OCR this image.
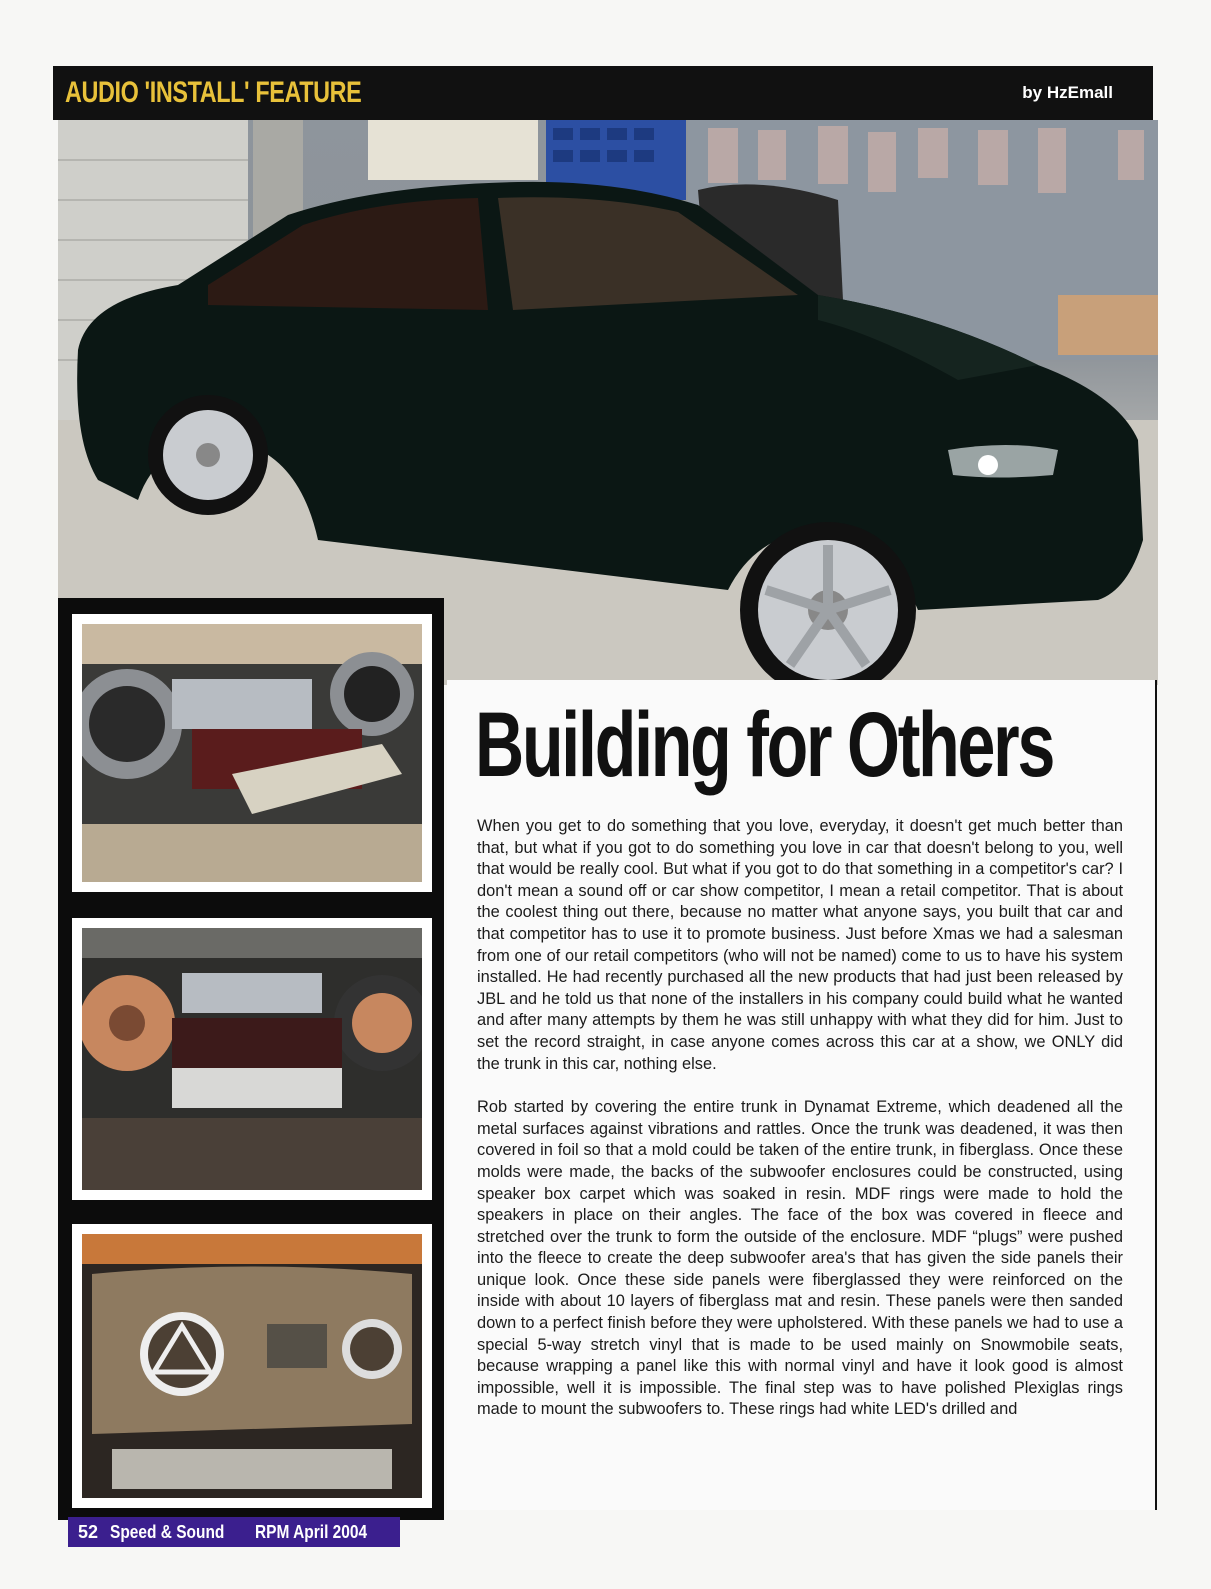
AUDIO 'INSTALL' FEATURE	by HzEmall
Building for Others

When you get to do something that you love, everyday, it doesn't get much better than that, but what if you got to do something you love in car that doesn't belong to you, well that would be really cool. But what if you got to do that something in a competitor's car? I don't mean a sound off or car show competitor, I mean a retail competitor. That is about the coolest thing out there, because no matter what anyone says, you built that car and that competitor has to use it to promote business. Just before Xmas we had a salesman from one of our retail competitors (who will not be named) come to us to have his system installed. He had recently purchased all the new products that had just been released by JBL and he told us that none of the installers in his company could build what he wanted and after many attempts by them he was still unhappy with what they did for him. Just to set the record straight, in case anyone comes across this car at a show, we ONLY did the trunk in this car, nothing else.

Rob started by covering the entire trunk in Dynamat Extreme, which deadened all the metal surfaces against vibrations and rattles. Once the trunk was deadened, it was then covered in foil so that a mold could be taken of the entire trunk, in fiberglass. Once these molds were made, the backs of the subwoofer enclosures could be constructed, using speaker box carpet which was soaked in resin. MDF rings were made to hold the speakers in place on their angles. The face of the box was covered in fleece and stretched over the trunk to form the outside of the enclosure. MDF “plugs” were pushed into the fleece to create the deep subwoofer area's that has given the side panels their unique look. Once these side panels were fiberglassed they were reinforced on the inside with about 10 layers of fiberglass mat and resin. These panels were then sanded down to a perfect finish before they were upholstered. With these panels we had to use a special 5-way stretch vinyl that is made to be used mainly on Snowmobile seats, because wrapping a panel like this with normal vinyl and have it look good is almost impossible, well it is impossible. The final step was to have polished Plexiglas rings made to mount the subwoofers to. These rings had white LED's drilled and

52 Speed & Sound RPM April 2004
